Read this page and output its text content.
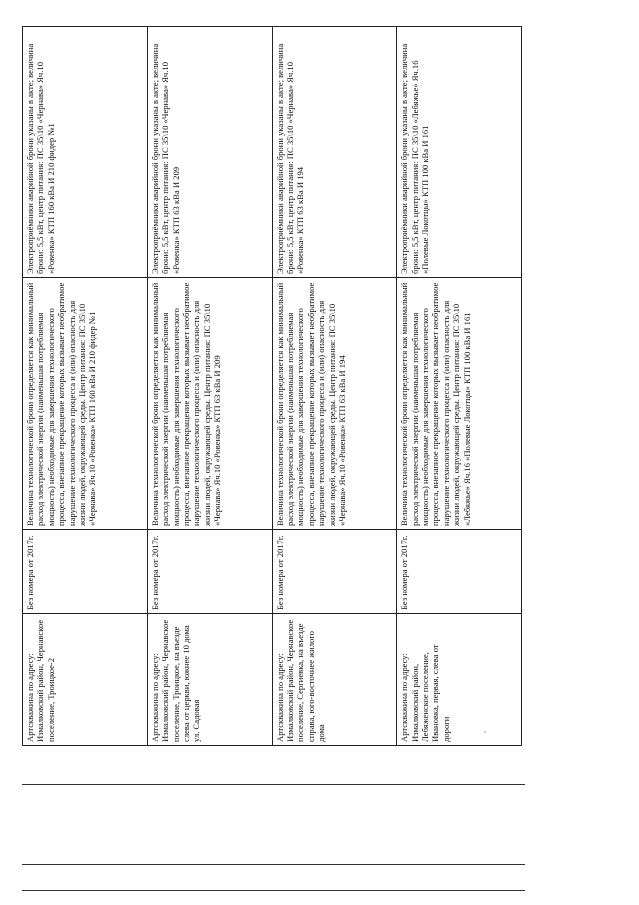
Артскважина по адресу: Измалковский район, Чернавское поселение, Троицкое-2
Без номера от 2017г.
Величина технологической брони определяется как минимальный расход электрической энергии (наименьшая потребляемая мощность) необходимые для завершения технологического процесса, внезапное прекращение которых вызывает необратимое нарушение технологического процесса и (или) опасность для жизни людей, окружающей среды. Центр питания: ПС 35\10 «Чернава» Яч.10 «Ровенка» КТП 160 кВа И 210 фидер №1
Электроприёмники аварийной брони указаны в акте; величина брони: 5,5 кВт, центр питания: ПС 35\10 «Чернава» Яч.10 «Ровенка» КТП 160 кВа И 210 фидер №1
Артскважина по адресу: Измалковский район, Чернавское поселение, Троицкое, на въезде слева от церкви, южнее 10 дома ул. Садовая
Без номера от 2017г.
Величина технологической брони определяется как минимальный расход электрической энергии (наименьшая потребляемая мощность) необходимые для завершения технологического процесса, внезапное прекращение которых вызывает необратимое нарушение технологического процесса и (или) опасность для жизни людей, окружающей среды. Центр питания: ПС 35\10 «Чернава» Яч.10 «Ровенка» КТП 63 кВа И 209
Электроприёмники аварийной брони указаны в акте; величина брони: 5,5 кВт, центр питания: ПС 35\10 «Чернава» Яч.10 «Ровенка» КТП 63 кВа И 209
Артскважина по адресу: Измалковский район, Чернавское поселение, Сергиевка, на въезде справа, юго-восточнее жилого дома
Без номера от 2017г.
Величина технологической брони определяется как минимальный расход электрической энергии (наименьшая потребляемая мощность) необходимые для завершения технологического процесса, внезапное прекращение которых вызывает необратимое нарушение технологического процесса и (или) опасность для жизни людей, окружающей среды. Центр питания: ПС 35\10 «Чернава» Яч.10 «Ровенка» КТП 63 кВа И 194
Электроприёмники аварийной брони указаны в акте; величина брони: 5,5 кВт, центр питания: ПС 35\10 «Чернава» Яч.10 «Ровенка» КТП 63 кВа И 194
Артскважина по адресу: Измалковский район, Лебяженское поселение, Ивановка, первая, слева от дороги
Без номера от 2017г.
Величина технологической брони определяется как минимальный расход электрической энергии (наименьшая потребляемая мощность) необходимые для завершения технологического процесса, внезапное прекращение которых вызывает необратимое нарушение технологического процесса и (или) опасность для жизни людей, окружающей среды. Центр питания: ПС 35\10 «Лебяжье» Яч.16 «Полевые Локотцы» КТП 100 кВа И 161
Электроприёмники аварийной брони указаны в акте; величина брони: 5,5 кВт, центр питания: ПС 35\10 «Лебяжье» Яч.16 «Полевые Локотцы» КТП 100 кВа И 161
